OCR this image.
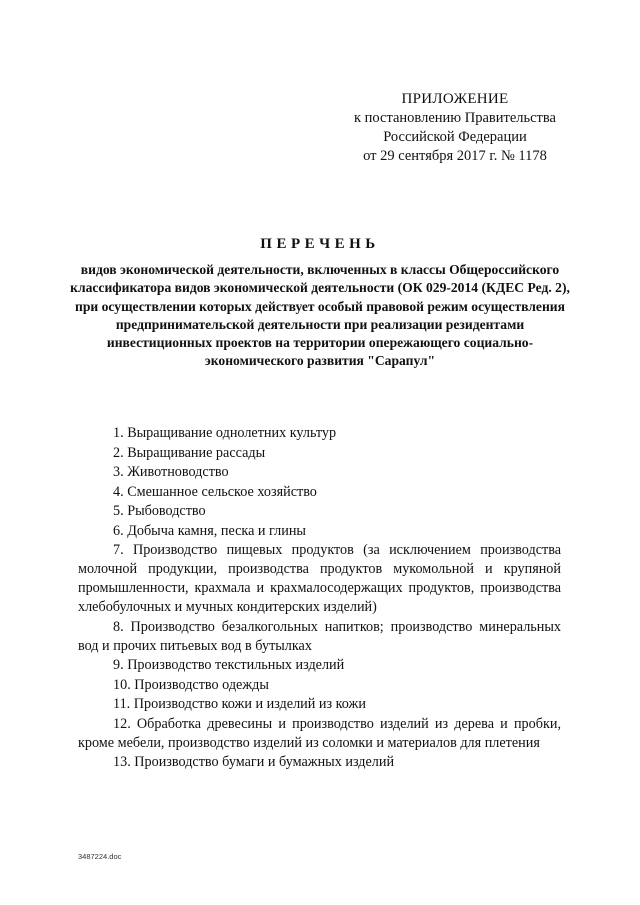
ПРИЛОЖЕНИЕ
к постановлению Правительства
Российской Федерации
от 29 сентября 2017 г. № 1178
ПЕРЕЧЕНЬ
видов экономической деятельности, включенных в классы Общероссийского классификатора видов экономической деятельности (ОК 029-2014 (КДЕС Ред. 2), при осуществлении которых действует особый правовой режим осуществления предпринимательской деятельности при реализации резидентами инвестиционных проектов на территории опережающего социально-экономического развития "Сарапул"
1. Выращивание однолетних культур
2. Выращивание рассады
3. Животноводство
4. Смешанное сельское хозяйство
5. Рыбоводство
6. Добыча камня, песка и глины
7. Производство пищевых продуктов (за исключением производства молочной продукции, производства продуктов мукомольной и крупяной промышленности, крахмала и крахмалосодержащих продуктов, производства хлебобулочных и мучных кондитерских изделий)
8. Производство безалкогольных напитков; производство минеральных вод и прочих питьевых вод в бутылках
9. Производство текстильных изделий
10. Производство одежды
11. Производство кожи и изделий из кожи
12. Обработка древесины и производство изделий из дерева и пробки, кроме мебели, производство изделий из соломки и материалов для плетения
13. Производство бумаги и бумажных изделий
3487224.doc
